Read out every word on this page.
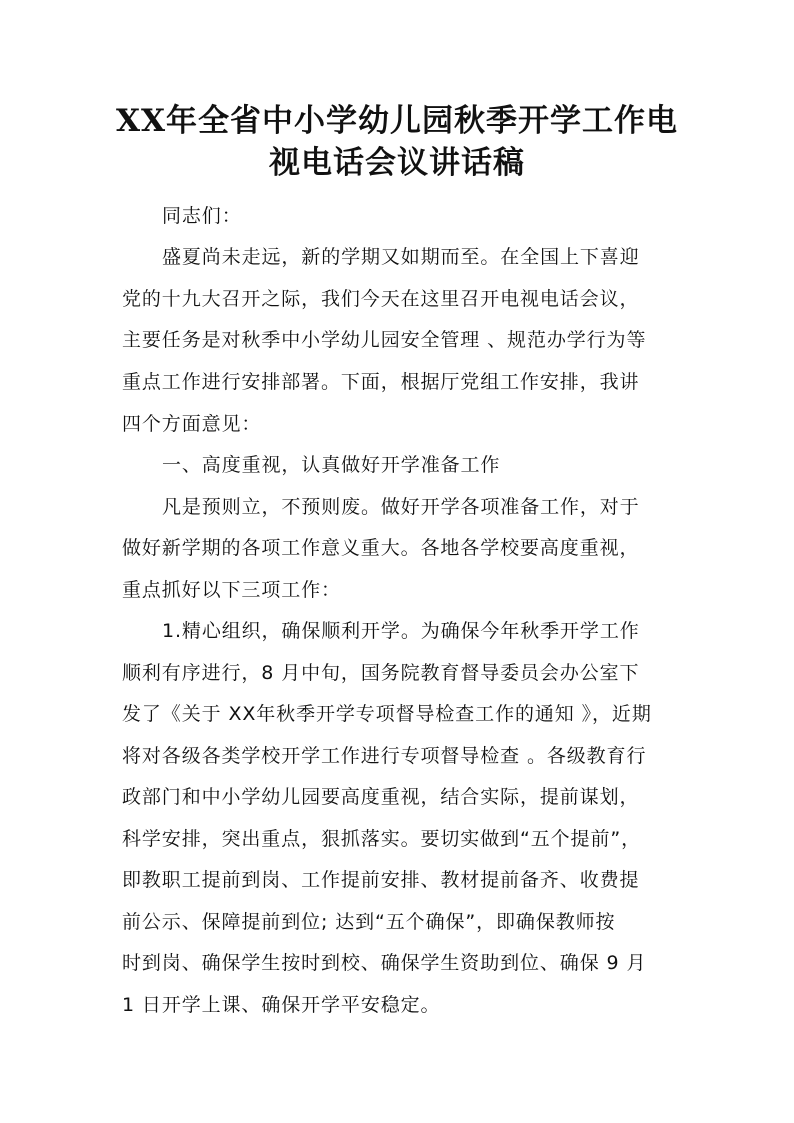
XX年全省中小学幼儿园秋季开学工作电
视电话会议讲话稿

同志们：

盛夏尚未走远，新的学期又如期而至。在全国上下喜迎

党的十九大召开之际，我们今天在这里召开电视电话会议，

主要任务是对秋季中小学幼儿园安全管理 、规范办学行为等

重点工作进行安排部署。下面，根据厅党组工作安排，我讲

四个方面意见：

一、高度重视，认真做好开学准备工作

凡是预则立，不预则废。做好开学各项准备工作，对于

做好新学期的各项工作意义重大。各地各学校要高度重视，

重点抓好以下三项工作：

1.精心组织，确保顺利开学。为确保今年秋季开学工作

顺利有序进行，8 月中旬，国务院教育督导委员会办公室下

发了《关于 XX年秋季开学专项督导检查工作的通知 》，近期

将对各级各类学校开学工作进行专项督导检查 。各级教育行

政部门和中小学幼儿园要高度重视，结合实际，提前谋划，

科学安排，突出重点，狠抓落实。要切实做到“五个提前”，

即教职工提前到岗、工作提前安排、教材提前备齐、收费提

前公示、保障提前到位; 达到“五个确保”，即确保教师按

时到岗、确保学生按时到校、确保学生资助到位、确保 9 月

1 日开学上课、确保开学平安稳定。
